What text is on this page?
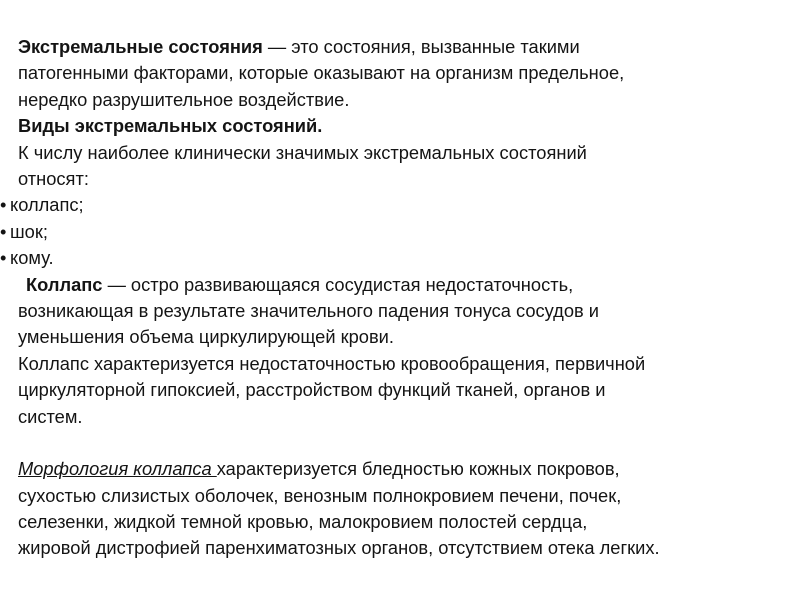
Экстремальные состояния — это состояния, вызванные такими

патогенными факторами, которые оказывают на организм предельное,

нередко разрушительное воздействие.

Виды экстремальных состояний.

К числу наиболее клинически значимых экстремальных состояний

относят:

• коллапс;

• шок;

• кому.

Коллапс — остро развивающаяся сосудистая недостаточность,

возникающая в результате значительного падения тонуса сосудов и

уменьшения объема циркулирующей крови.

Коллапс характеризуется недостаточностью кровообращения, первичной

циркуляторной гипоксией, расстройством функций тканей, органов и

систем.

Морфология коллапса характеризуется бледностью кожных покровов,

сухостью слизистых оболочек, венозным полнокровием печени, почек,

селезенки, жидкой темной кровью, малокровием полостей сердца,

жировой дистрофией паренхиматозных органов, отсутствием отека легких.
